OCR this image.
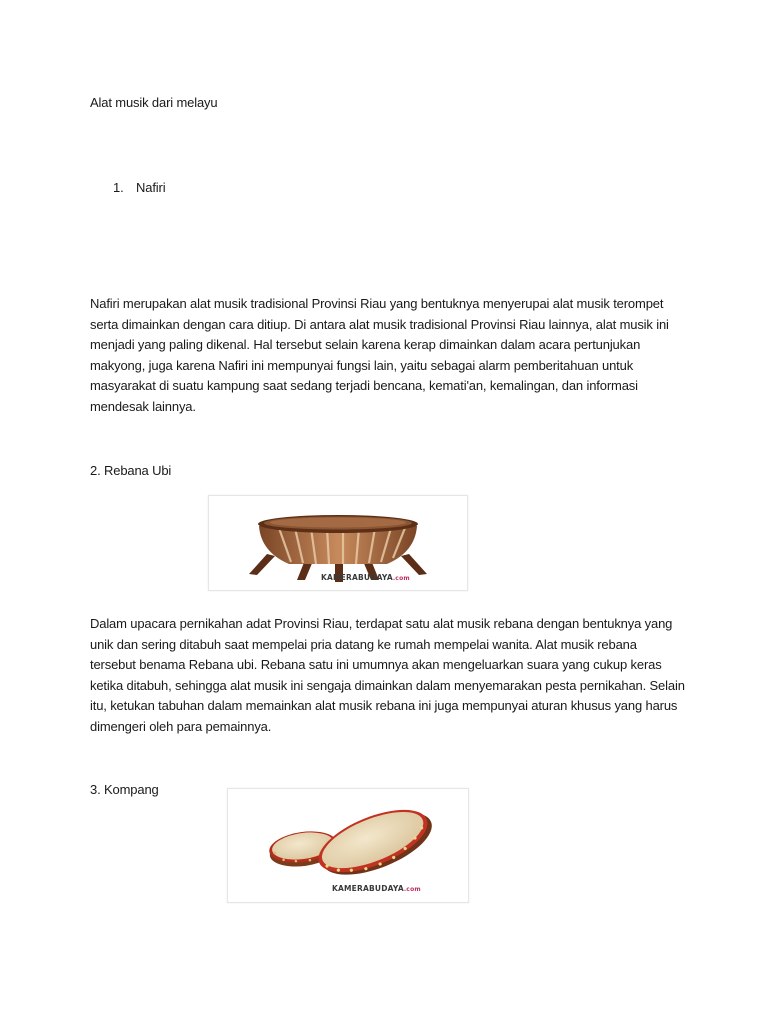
Alat musik dari melayu
1. Nafiri
Nafiri merupakan alat musik tradisional Provinsi Riau yang bentuknya menyerupai alat musik terompet
serta dimainkan dengan cara ditiup. Di antara alat musik tradisional Provinsi Riau lainnya, alat musik ini
menjadi yang paling dikenal. Hal tersebut selain karena kerap dimainkan dalam acara pertunjukan
makyong, juga karena Nafiri ini mempunyai fungsi lain, yaitu sebagai alarm pemberitahuan untuk
masyarakat di suatu kampung saat sedang terjadi bencana, kemati'an, kemalingan, dan informasi
mendesak lainnya.
2. Rebana Ubi
KAMERABUDAYA.com
Dalam upacara pernikahan adat Provinsi Riau, terdapat satu alat musik rebana dengan bentuknya yang
unik dan sering ditabuh saat mempelai pria datang ke rumah mempelai wanita. Alat musik rebana
tersebut benama Rebana ubi. Rebana satu ini umumnya akan mengeluarkan suara yang cukup keras
ketika ditabuh, sehingga alat musik ini sengaja dimainkan dalam menyemarakan pesta pernikahan. Selain
itu, ketukan tabuhan dalam memainkan alat musik rebana ini juga mempunyai aturan khusus yang harus
dimengeri oleh para pemainnya.
3. Kompang
KAMERABUDAYA.com
